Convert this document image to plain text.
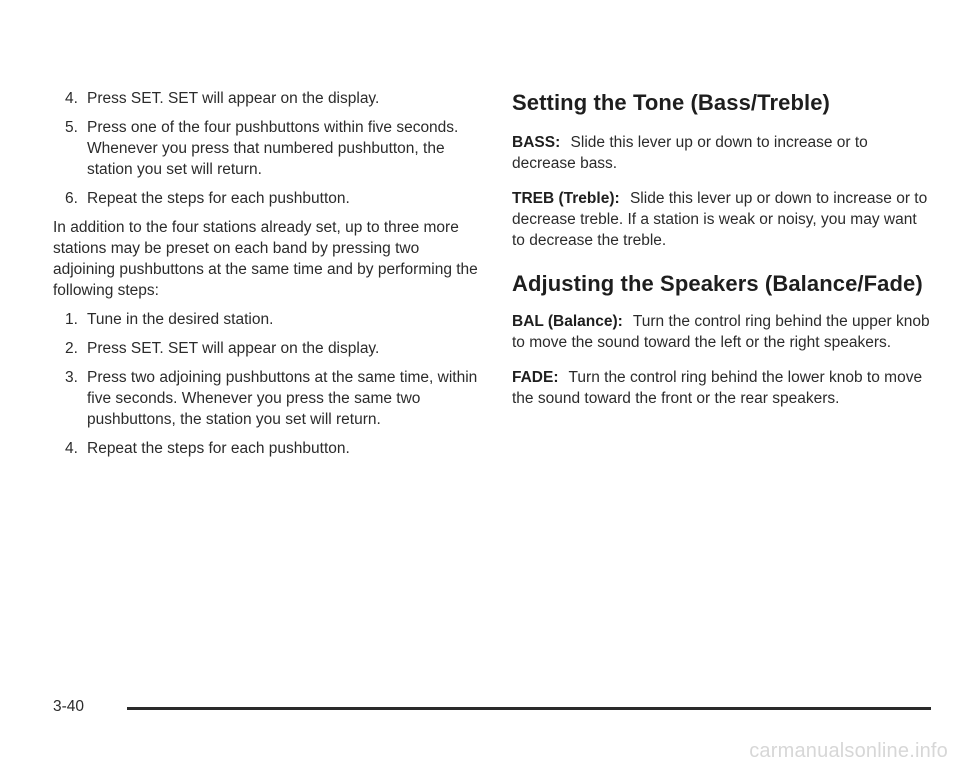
4. Press SET. SET will appear on the display.
5. Press one of the four pushbuttons within five seconds. Whenever you press that numbered pushbutton, the station you set will return.
6. Repeat the steps for each pushbutton.

In addition to the four stations already set, up to three more stations may be preset on each band by pressing two adjoining pushbuttons at the same time and by performing the following steps:

1. Tune in the desired station.
2. Press SET. SET will appear on the display.
3. Press two adjoining pushbuttons at the same time, within five seconds. Whenever you press the same two pushbuttons, the station you set will return.
4. Repeat the steps for each pushbutton.
Setting the Tone (Bass/Treble)

BASS: Slide this lever up or down to increase or to decrease bass.

TREB (Treble): Slide this lever up or down to increase or to decrease treble. If a station is weak or noisy, you may want to decrease the treble.

Adjusting the Speakers (Balance/Fade)

BAL (Balance): Turn the control ring behind the upper knob to move the sound toward the left or the right speakers.

FADE: Turn the control ring behind the lower knob to move the sound toward the front or the rear speakers.

3-40
carmanualsonline.info
